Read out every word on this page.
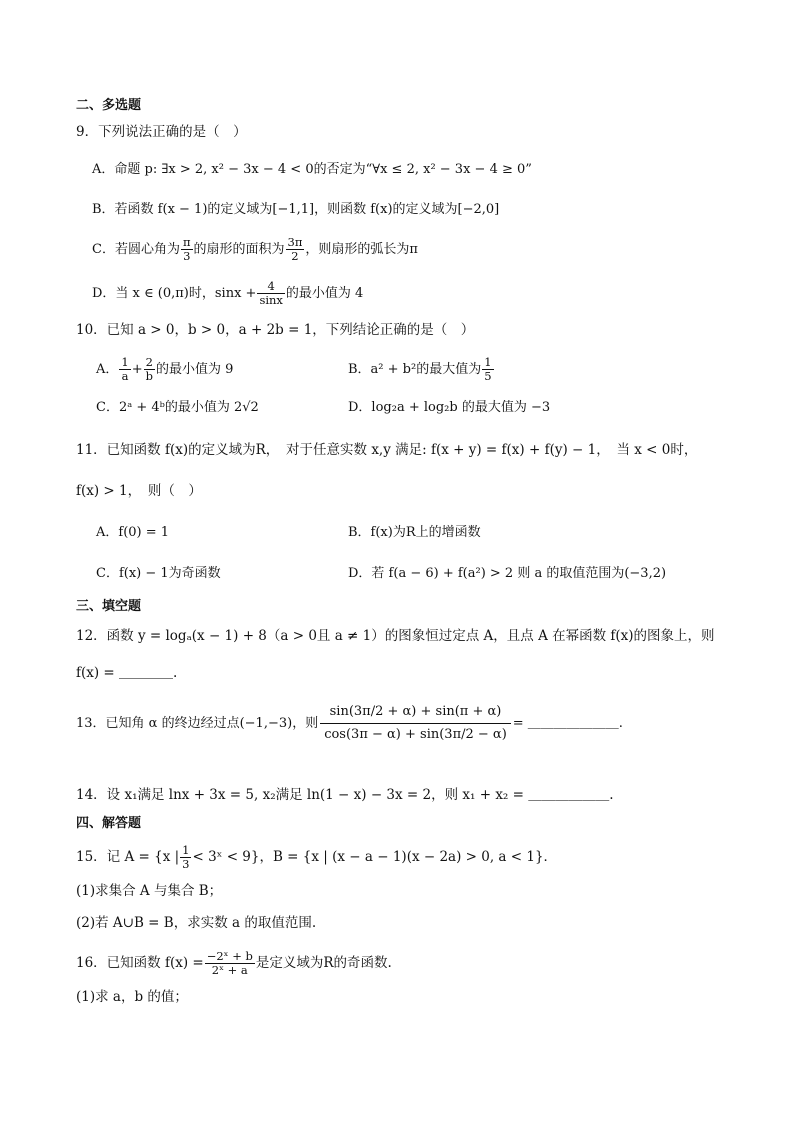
二、多选题
9．下列说法正确的是（　）
A．命题 p: ∃x > 2, x² − 3x − 4 < 0的否定为“∀x ≤ 2, x² − 3x − 4 ≥ 0”
B．若函数 f(x − 1)的定义域为[−1,1]，则函数 f(x)的定义域为[−2,0]
C．若圆心角为 $\frac{\pi}{3}$ 的扇形的面积为 $\frac{3\pi}{2}$ ，则扇形的弧长为π
D．当 x ∈ (0,π)时，$\sin x + \frac{4}{\sin x}$ 的最小值为 4
10．已知 a > 0，b > 0，a + 2b = 1，下列结论正确的是（　）
A． $\frac{1}{a} + \frac{2}{b}$ 的最小值为 9	B．a² + b²的最大值为 $\frac{1}{5}$
C．2ᵃ + 4ᵇ的最小值为 2√2	D．log₂a + log₂b 的最大值为 −3
11．已知函数 f(x)的定义域为R，　对于任意实数 x,y 满足: f(x + y) = f(x) + f(y) − 1，　当 x < 0时，
f(x) > 1，　则（　）
A．f(0) = 1	B．f(x)为R上的增函数
C．f(x) − 1为奇函数	D．若 f(a − 6) + f(a²) > 2 则 a 的取值范围为(−3,2)
三、填空题
12．函数 y = logₐ(x − 1) + 8（a > 0且 a ≠ 1）的图象恒过定点 A，且点 A 在幂函数 f(x)的图象上，则
f(x) = ＿＿＿＿.
13．已知角 α 的终边经过点(−1,−3)，则 $\frac{\sin(3\pi/2 + \alpha) + \sin(\pi + \alpha)}{\cos(3\pi - \alpha) + \sin(3\pi/2 - \alpha)}$ = ＿＿＿＿＿＿＿.
14．设 x₁满足 lnx + 3x = 5, x₂满足 ln(1 − x) − 3x = 2，则 x₁ + x₂ = ＿＿＿＿＿＿.
四、解答题
15．记 A = {x | $\frac{1}{3}$ < 3ˣ < 9}，B = {x | (x − a − 1)(x − 2a) > 0, a < 1}．
(1)求集合 A 与集合 B；
(2)若 A∪B = B，求实数 a 的取值范围.
16．已知函数 $f(x) = \frac{\text{−2ˣ + b}}{\text{2ˣ + a}}$ 是定义域为R的奇函数.
(1)求 a，b 的值；
